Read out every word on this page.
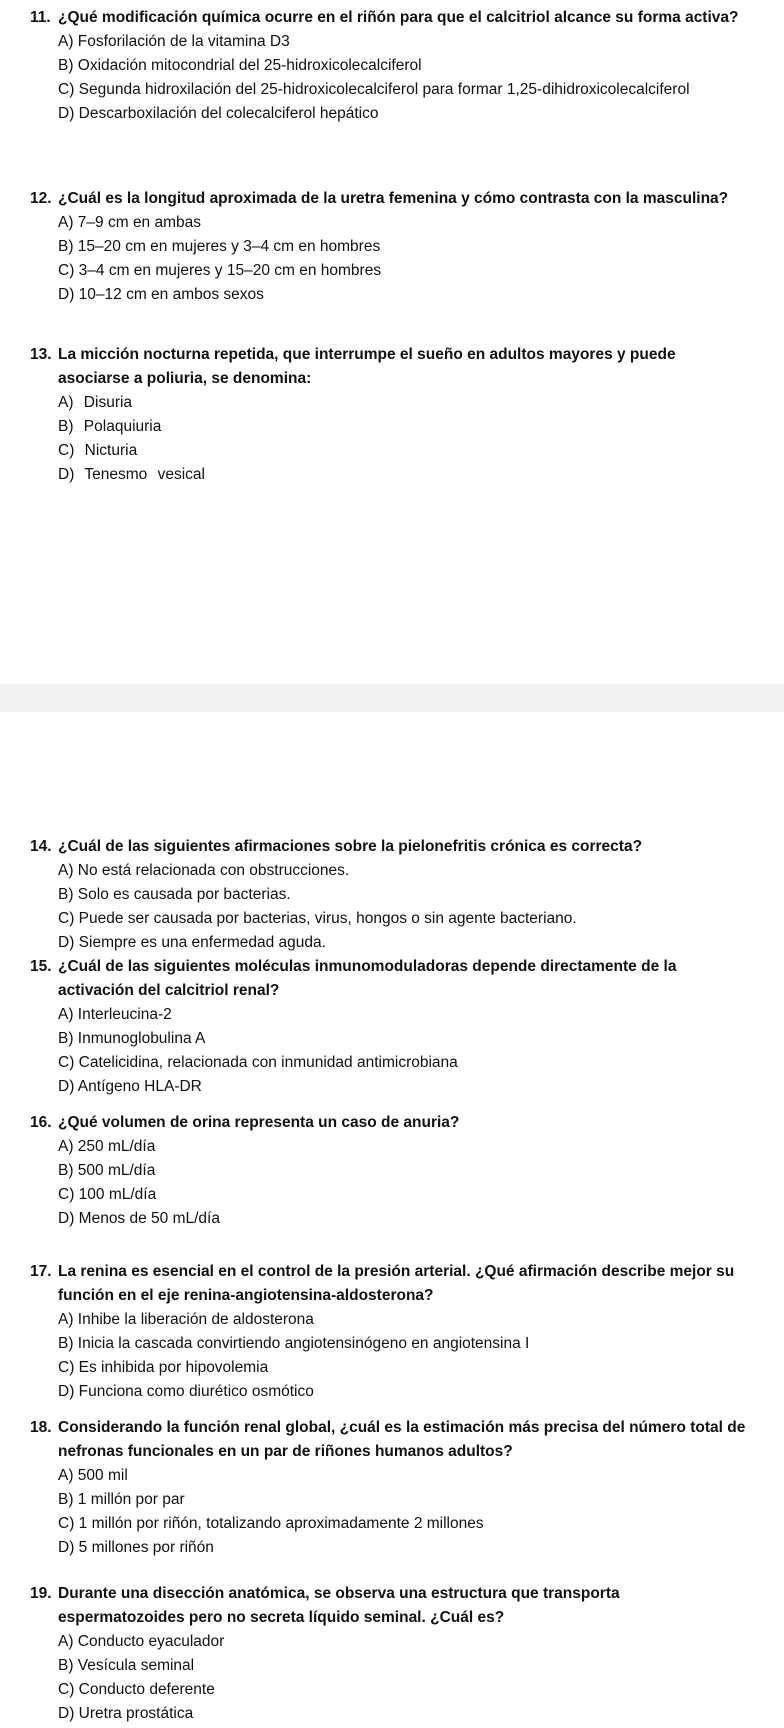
11. ¿Qué modificación química ocurre en el riñón para que el calcitriol alcance su forma activa?
A) Fosforilación de la vitamina D3
B) Oxidación mitocondrial del 25-hidroxicolecalciferol
C) Segunda hidroxilación del 25-hidroxicolecalciferol para formar 1,25-dihidroxicolecalciferol
D) Descarboxilación del colecalciferol hepático
12. ¿Cuál es la longitud aproximada de la uretra femenina y cómo contrasta con la masculina?
A) 7–9 cm en ambas
B) 15–20 cm en mujeres y 3–4 cm en hombres
C) 3–4 cm en mujeres y 15–20 cm en hombres
D) 10–12 cm en ambos sexos
13. La micción nocturna repetida, que interrumpe el sueño en adultos mayores y puede asociarse a poliuria, se denomina:
A) Disuria
B) Polaquiuria
C) Nicturia
D) Tenesmo vesical
14. ¿Cuál de las siguientes afirmaciones sobre la pielonefritis crónica es correcta?
A) No está relacionada con obstrucciones.
B) Solo es causada por bacterias.
C) Puede ser causada por bacterias, virus, hongos o sin agente bacteriano.
D) Siempre es una enfermedad aguda.
15. ¿Cuál de las siguientes moléculas inmunomoduladoras depende directamente de la activación del calcitriol renal?
A) Interleucina-2
B) Inmunoglobulina A
C) Catelicidina, relacionada con inmunidad antimicrobiana
D) Antígeno HLA-DR
16. ¿Qué volumen de orina representa un caso de anuria?
A) 250 mL/día
B) 500 mL/día
C) 100 mL/día
D) Menos de 50 mL/día
17. La renina es esencial en el control de la presión arterial. ¿Qué afirmación describe mejor su función en el eje renina-angiotensina-aldosterona?
A) Inhibe la liberación de aldosterona
B) Inicia la cascada convirtiendo angiotensinógeno en angiotensina I
C) Es inhibida por hipovolemia
D) Funciona como diurético osmótico
18. Considerando la función renal global, ¿cuál es la estimación más precisa del número total de nefronas funcionales en un par de riñones humanos adultos?
A) 500 mil
B) 1 millón por par
C) 1 millón por riñón, totalizando aproximadamente 2 millones
D) 5 millones por riñón
19. Durante una disección anatómica, se observa una estructura que transporta espermatozoides pero no secreta líquido seminal. ¿Cuál es?
A) Conducto eyaculador
B) Vesícula seminal
C) Conducto deferente
D) Uretra prostática
